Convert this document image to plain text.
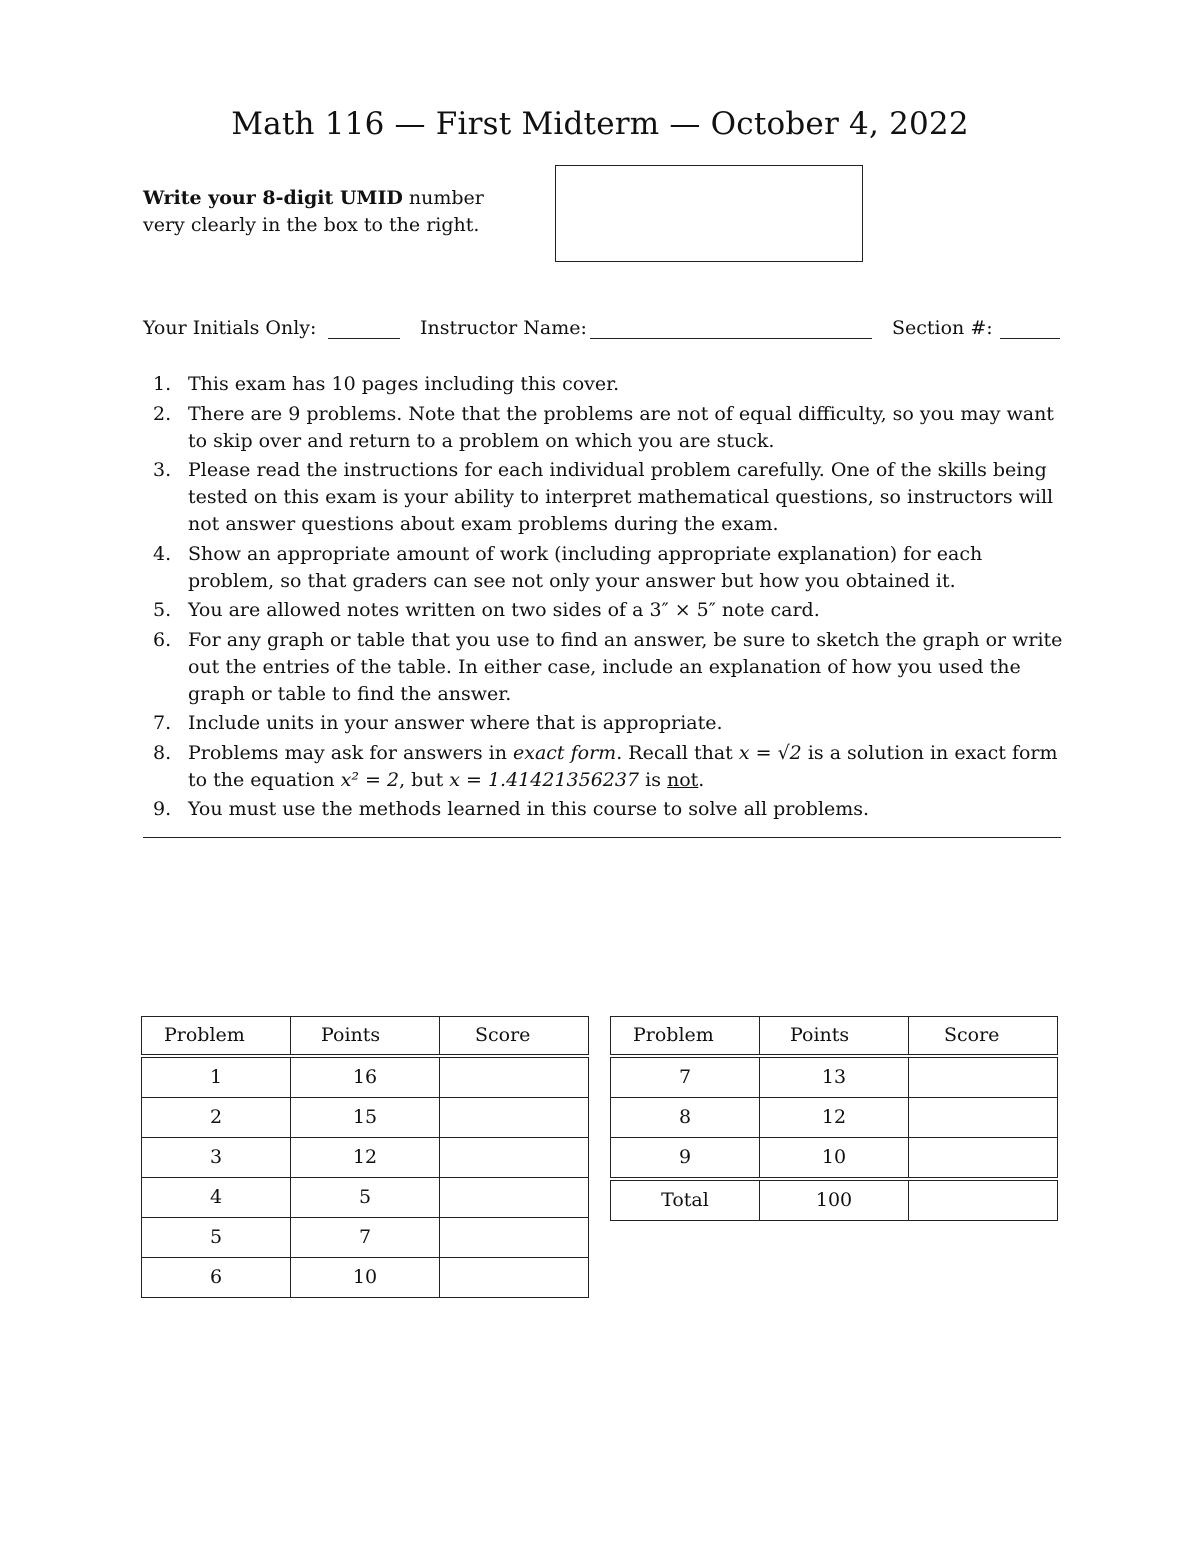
Math 116 — First Midterm — October 4, 2022
Write your 8-digit UMID number
very clearly in the box to the right.
Your Initials Only:	Instructor Name:	Section #:
1. This exam has 10 pages including this cover.
2. There are 9 problems. Note that the problems are not of equal difficulty, so you may want to skip over and return to a problem on which you are stuck.
3. Please read the instructions for each individual problem carefully. One of the skills being tested on this exam is your ability to interpret mathematical questions, so instructors will not answer questions about exam problems during the exam.
4. Show an appropriate amount of work (including appropriate explanation) for each problem, so that graders can see not only your answer but how you obtained it.
5. You are allowed notes written on two sides of a 3″ × 5″ note card.
6. For any graph or table that you use to find an answer, be sure to sketch the graph or write out the entries of the table. In either case, include an explanation of how you used the graph or table to find the answer.
7. Include units in your answer where that is appropriate.
8. Problems may ask for answers in exact form. Recall that x = √2 is a solution in exact form to the equation x² = 2, but x = 1.41421356237 is not.
9. You must use the methods learned in this course to solve all problems.
Problem	Points	Score
1	16	
2	15	
3	12	
4	5	
5	7	
6	10	
Problem	Points	Score
7	13	
8	12	
9	10	
Total	100	
